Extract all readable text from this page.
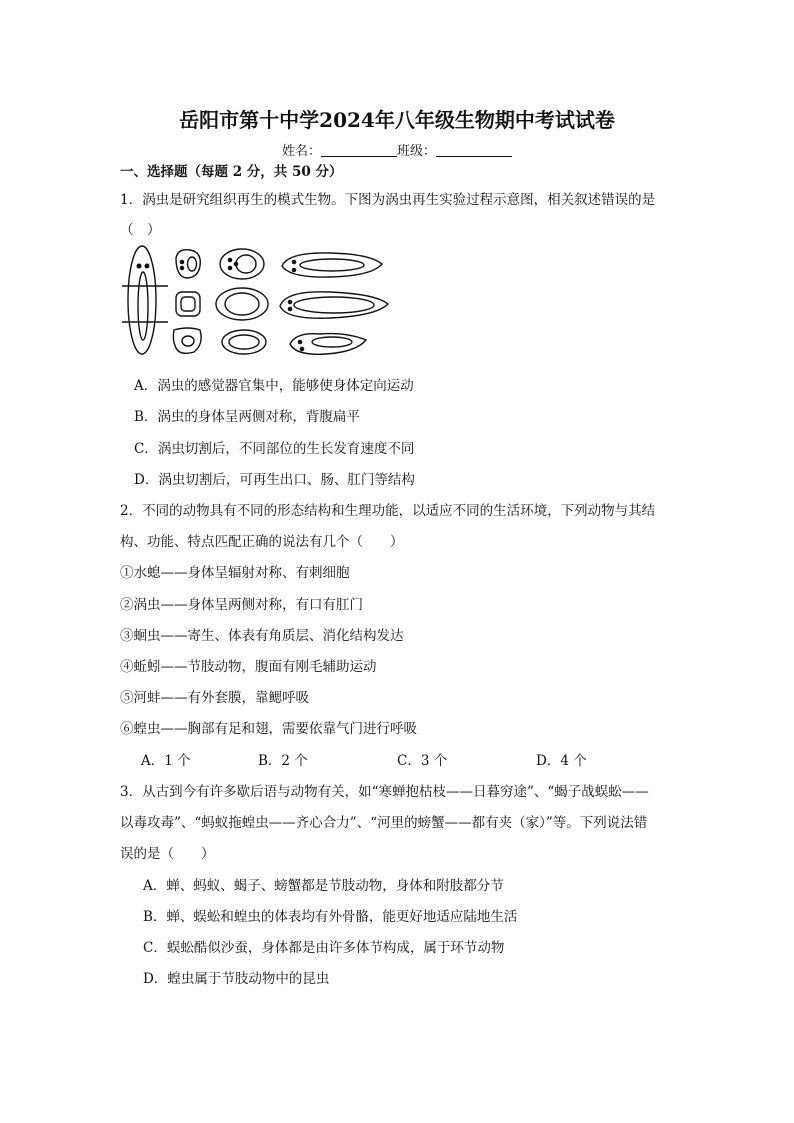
岳阳市第十中学2024年八年级生物期中考试试卷
姓名：	班级：
一、选择题（每题 2 分，共 50 分）
1．涡虫是研究组织再生的模式生物。下图为涡虫再生实验过程示意图，相关叙述错误的是
（　）
A．涡虫的感觉器官集中，能够使身体定向运动
B．涡虫的身体呈两侧对称，背腹扁平
C．涡虫切割后，不同部位的生长发育速度不同
D．涡虫切割后，可再生出口、肠、肛门等结构
2．不同的动物具有不同的形态结构和生理功能，以适应不同的生活环境，下列动物与其结
构、功能、特点匹配正确的说法有几个（　　）
①水螅——身体呈辐射对称、有刺细胞
②涡虫——身体呈两侧对称，有口有肛门
③蛔虫——寄生、体表有角质层、消化结构发达
④蚯蚓——节肢动物，腹面有刚毛辅助运动
⑤河蚌——有外套膜，靠鳃呼吸
⑥蝗虫——胸部有足和翅，需要依靠气门进行呼吸
A．1 个	B．2 个	C．3 个	D．4 个
3．从古到今有许多歇后语与动物有关，如“寒蝉抱枯枝——日暮穷途”、“蝎子战蜈蚣——
以毒攻毒”、“蚂蚁拖蝗虫——齐心合力”、“河里的螃蟹——都有夹（家）”等。下列说法错
误的是（　　）
A．蝉、蚂蚁、蝎子、螃蟹都是节肢动物，身体和附肢都分节
B．蝉、蜈蚣和蝗虫的体表均有外骨骼，能更好地适应陆地生活
C．蜈蚣酷似沙蚕，身体都是由许多体节构成，属于环节动物
D．蝗虫属于节肢动物中的昆虫
